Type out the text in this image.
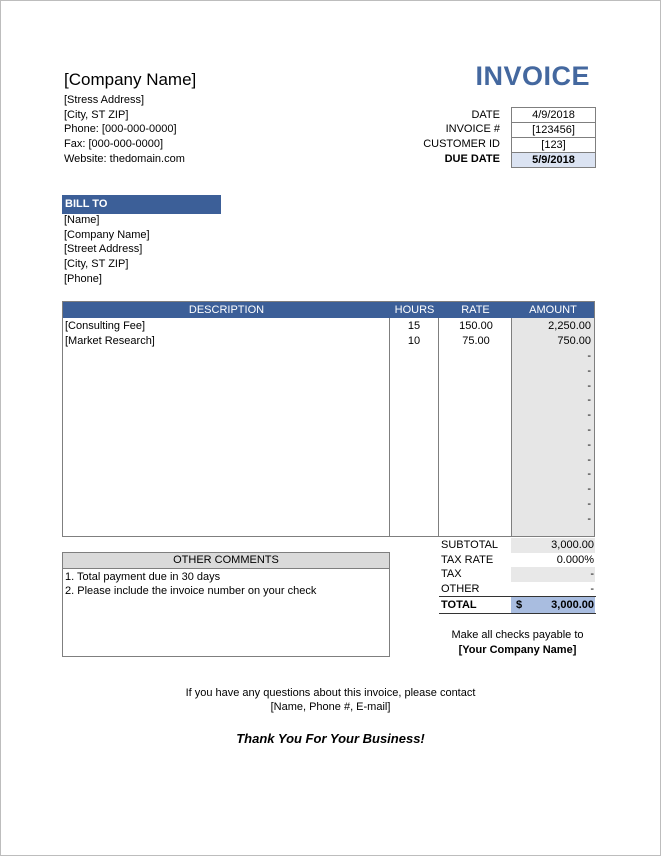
[Company Name]
[Stress Address]
[City, ST ZIP]
Phone: [000-000-0000]
Fax: [000-000-0000]
Website: thedomain.com
INVOICE
DATE	4/9/2018
INVOICE #	[123456]
CUSTOMER ID	[123]
DUE DATE	5/9/2018
BILL TO
[Name]
[Company Name]
[Street Address]
[City, ST ZIP]
[Phone]
DESCRIPTION	HOURS	RATE	AMOUNT
[Consulting Fee]	15	150.00	2,250.00
[Market Research]	10	75.00	750.00
-
-
-
-
-
-
-
-
-
-
-
-
OTHER COMMENTS
1. Total payment due in 30 days
2. Please include the invoice number on your check
SUBTOTAL	3,000.00
TAX RATE	0.000%
TAX	-
OTHER	-
TOTAL	$	3,000.00
Make all checks payable to
[Your Company Name]
If you have any questions about this invoice, please contact
[Name, Phone #, E-mail]
Thank You For Your Business!
